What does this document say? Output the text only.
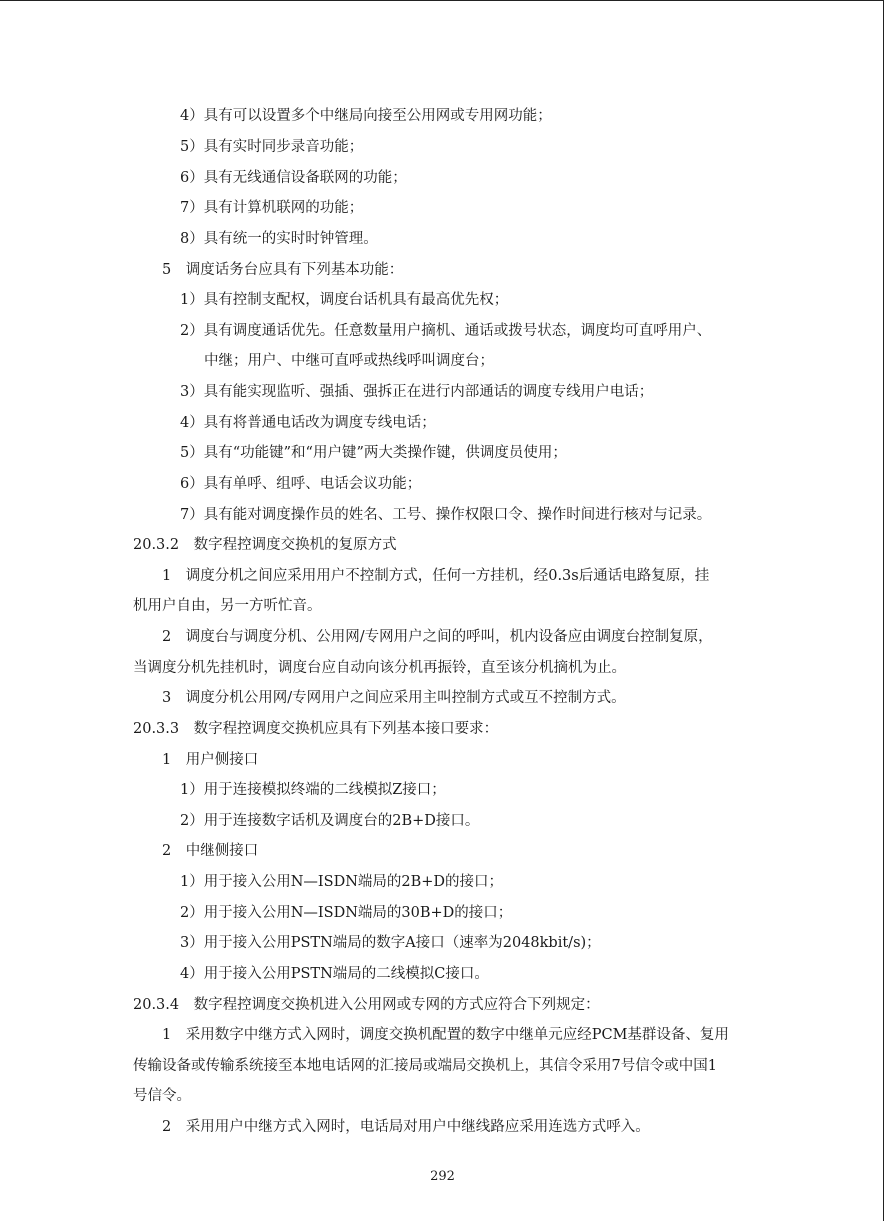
4）具有可以设置多个中继局向接至公用网或专用网功能；
5）具有实时同步录音功能；
6）具有无线通信设备联网的功能；
7）具有计算机联网的功能；
8）具有统一的实时时钟管理。
5　调度话务台应具有下列基本功能：
1）具有控制支配权，调度台话机具有最高优先权；
2）具有调度通话优先。任意数量用户摘机、通话或拨号状态，调度均可直呼用户、
中继；用户、中继可直呼或热线呼叫调度台；
3）具有能实现监听、强插、强拆正在进行内部通话的调度专线用户电话；
4）具有将普通电话改为调度专线电话；
5）具有“功能键”和“用户键”两大类操作键，供调度员使用；
6）具有单呼、组呼、电话会议功能；
7）具有能对调度操作员的姓名、工号、操作权限口令、操作时间进行核对与记录。
20.3.2　数字程控调度交换机的复原方式
1　调度分机之间应采用用户不控制方式，任何一方挂机，经0.3s后通话电路复原，挂
机用户自由，另一方听忙音。
2　调度台与调度分机、公用网/专网用户之间的呼叫，机内设备应由调度台控制复原，
当调度分机先挂机时，调度台应自动向该分机再振铃，直至该分机摘机为止。
3　调度分机公用网/专网用户之间应采用主叫控制方式或互不控制方式。
20.3.3　数字程控调度交换机应具有下列基本接口要求：
1　用户侧接口
1）用于连接模拟终端的二线模拟Z接口；
2）用于连接数字话机及调度台的2B+D接口。
2　中继侧接口
1）用于接入公用N—ISDN端局的2B+D的接口；
2）用于接入公用N—ISDN端局的30B+D的接口；
3）用于接入公用PSTN端局的数字A接口（速率为2048kbit/s)；
4）用于接入公用PSTN端局的二线模拟C接口。
20.3.4　数字程控调度交换机进入公用网或专网的方式应符合下列规定：
1　采用数字中继方式入网时，调度交换机配置的数字中继单元应经PCM基群设备、复用
传输设备或传输系统接至本地电话网的汇接局或端局交换机上，其信令采用7号信令或中国1
号信令。
2　采用用户中继方式入网时，电话局对用户中继线路应采用连选方式呼入。
292
